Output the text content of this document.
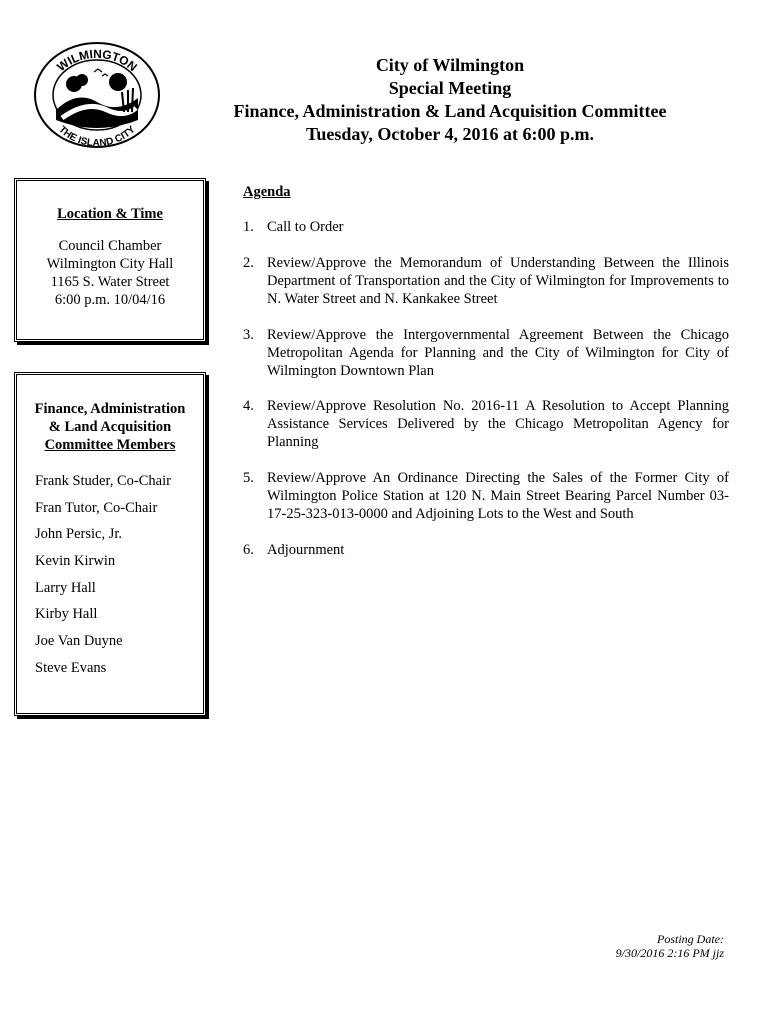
WILMINGTON
THE ISLAND CITY
City of Wilmington
Special Meeting
Finance, Administration & Land Acquisition Committee
Tuesday, October 4, 2016 at 6:00 p.m.
Location & Time
Council Chamber
Wilmington City Hall
1165 S. Water Street
6:00 p.m. 10/04/16
Finance, Administration
& Land Acquisition
Committee Members
Frank Studer, Co-Chair
Fran Tutor, Co-Chair
John Persic, Jr.
Kevin Kirwin
Larry Hall
Kirby Hall
Joe Van Duyne
Steve Evans
Agenda
1. Call to Order
2. Review/Approve the Memorandum of Understanding Between the Illinois Department of Transportation and the City of Wilmington for Improvements to N. Water Street and N. Kankakee Street
3. Review/Approve the Intergovernmental Agreement Between the Chicago Metropolitan Agenda for Planning and the City of Wilmington for City of Wilmington Downtown Plan
4. Review/Approve Resolution No. 2016-11 A Resolution to Accept Planning Assistance Services Delivered by the Chicago Metropolitan Agency for Planning
5. Review/Approve An Ordinance Directing the Sales of the Former City of Wilmington Police Station at 120 N. Main Street Bearing Parcel Number 03-17-25-323-013-0000 and Adjoining Lots to the West and South
6. Adjournment
Posting Date:
9/30/2016 2:16 PM jjz
